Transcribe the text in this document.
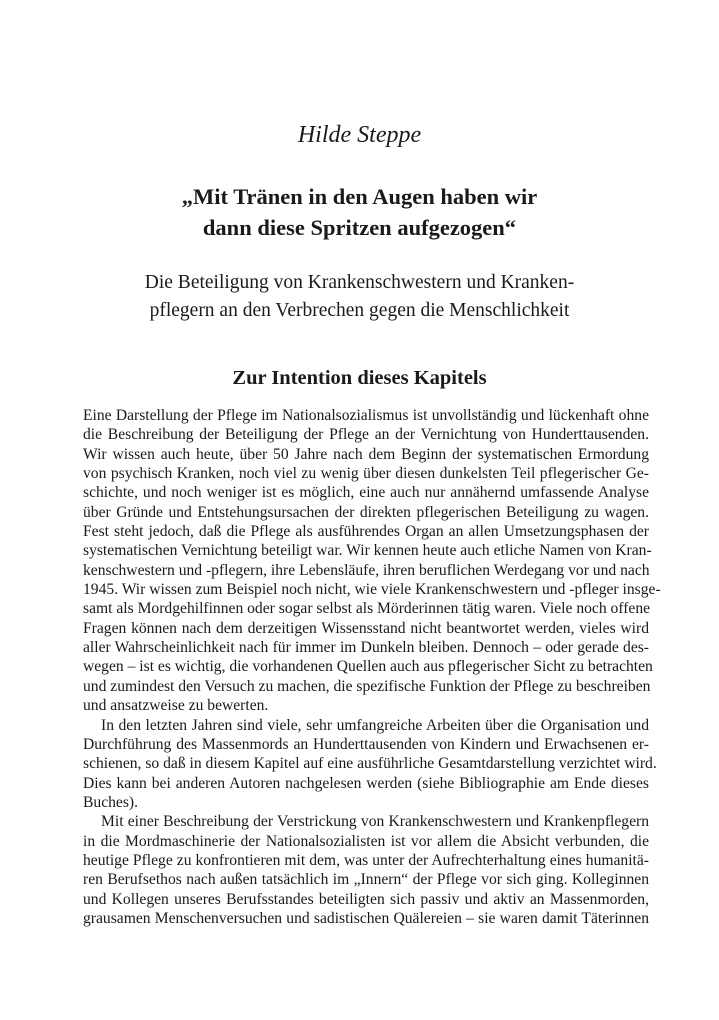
Hilde Steppe
„Mit Tränen in den Augen haben wir
dann diese Spritzen aufgezogen“
Die Beteiligung von Krankenschwestern und Kranken-
pflegern an den Verbrechen gegen die Menschlichkeit
Zur Intention dieses Kapitels
Eine Darstellung der Pflege im Nationalsozialismus ist unvollständig und lückenhaft ohne
die Beschreibung der Beteiligung der Pflege an der Vernichtung von Hunderttausenden.
Wir wissen auch heute, über 50 Jahre nach dem Beginn der systematischen Ermordung
von psychisch Kranken, noch viel zu wenig über diesen dunkelsten Teil pflegerischer Ge-
schichte, und noch weniger ist es möglich, eine auch nur annähernd umfassende Analyse
über Gründe und Entstehungsursachen der direkten pflegerischen Beteiligung zu wagen.
Fest steht jedoch, daß die Pflege als ausführendes Organ an allen Umsetzungsphasen der
systematischen Vernichtung beteiligt war. Wir kennen heute auch etliche Namen von Kran-
kenschwestern und -pflegern, ihre Lebensläufe, ihren beruflichen Werdegang vor und nach
1945. Wir wissen zum Beispiel noch nicht, wie viele Krankenschwestern und -pfleger insge-
samt als Mordgehilfinnen oder sogar selbst als Mörderinnen tätig waren. Viele noch offene
Fragen können nach dem derzeitigen Wissensstand nicht beantwortet werden, vieles wird
aller Wahrscheinlichkeit nach für immer im Dunkeln bleiben. Dennoch – oder gerade des-
wegen – ist es wichtig, die vorhandenen Quellen auch aus pflegerischer Sicht zu betrachten
und zumindest den Versuch zu machen, die spezifische Funktion der Pflege zu beschreiben
und ansatzweise zu bewerten.
In den letzten Jahren sind viele, sehr umfangreiche Arbeiten über die Organisation und
Durchführung des Massenmords an Hunderttausenden von Kindern und Erwachsenen er-
schienen, so daß in diesem Kapitel auf eine ausführliche Gesamtdarstellung verzichtet wird.
Dies kann bei anderen Autoren nachgelesen werden (siehe Bibliographie am Ende dieses
Buches).
Mit einer Beschreibung der Verstrickung von Krankenschwestern und Krankenpflegern
in die Mordmaschinerie der Nationalsozialisten ist vor allem die Absicht verbunden, die
heutige Pflege zu konfrontieren mit dem, was unter der Aufrechterhaltung eines humanitä-
ren Berufsethos nach außen tatsächlich im „Innern“ der Pflege vor sich ging. Kolleginnen
und Kollegen unseres Berufsstandes beteiligten sich passiv und aktiv an Massenmorden,
grausamen Menschenversuchen und sadistischen Quälereien – sie waren damit Täterinnen
